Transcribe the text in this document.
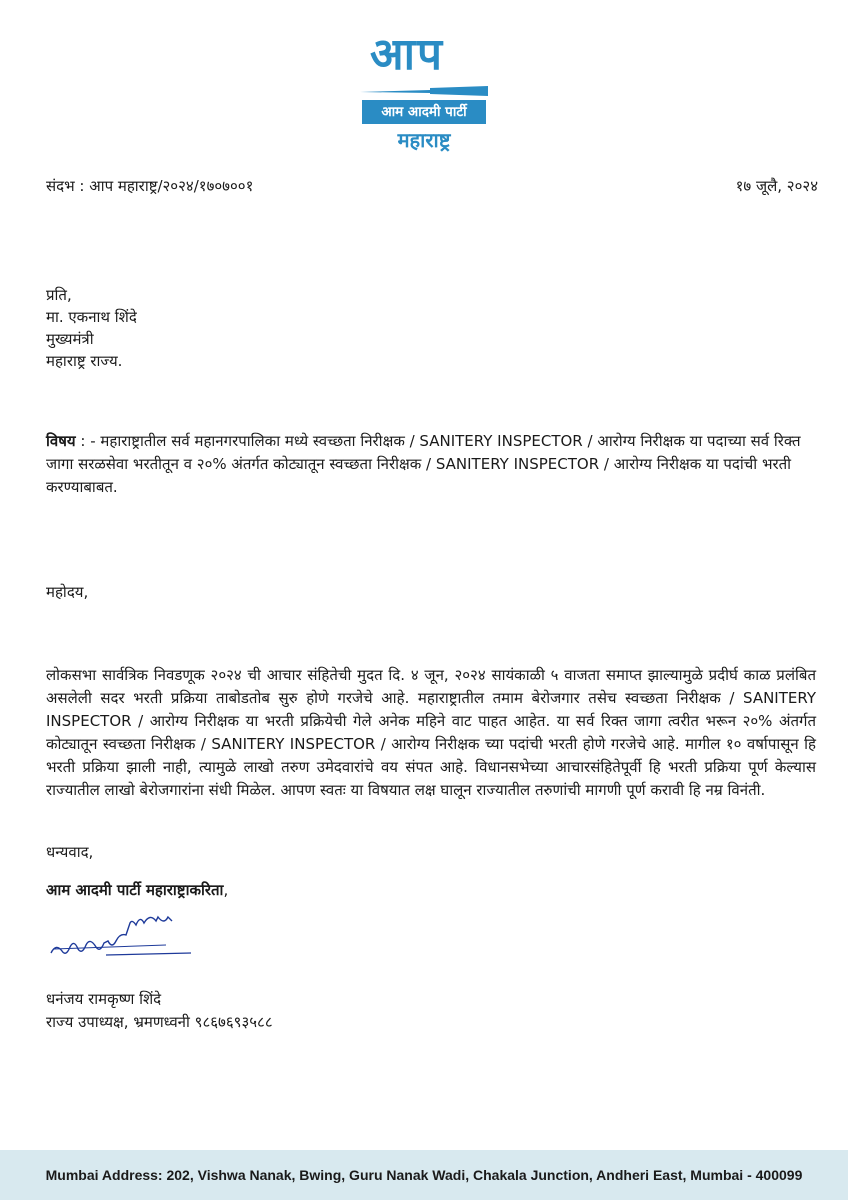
आप
आम आदमी पार्टी
महाराष्ट्र
संदभ : आप महाराष्ट्र/२०२४/१७०७००१	१७ जूलै, २०२४
प्रति,
मा. एकनाथ शिंदे
मुख्यमंत्री
महाराष्ट्र राज्य.
विषय : - महाराष्ट्रातील सर्व महानगरपालिका मध्ये स्वच्छता निरीक्षक / SANITERY INSPECTOR / आरोग्य निरीक्षक या पदाच्या सर्व रिक्त जागा सरळसेवा भरतीतून व २०% अंतर्गत कोट्यातून स्वच्छता निरीक्षक / SANITERY INSPECTOR / आरोग्य निरीक्षक या पदांची भरती करण्याबाबत.
महोदय,
लोकसभा सार्वत्रिक निवडणूक २०२४ ची आचार संहितेची मुदत दि. ४ जून, २०२४ सायंकाळी ५ वाजता समाप्त झाल्यामुळे प्रदीर्घ काळ प्रलंबित असलेली सदर भरती प्रक्रिया ताबोडतोब सुरु होणे गरजेचे आहे. महाराष्ट्रातील तमाम बेरोजगार तसेच स्वच्छता निरीक्षक / SANITERY INSPECTOR / आरोग्य निरीक्षक या भरती प्रक्रियेची गेले अनेक महिने वाट पाहत आहेत. या सर्व रिक्त जागा त्वरीत भरून २०% अंतर्गत कोट्यातून स्वच्छता निरीक्षक / SANITERY INSPECTOR / आरोग्य निरीक्षक च्या पदांची भरती होणे गरजेचे आहे. मागील १० वर्षापासून हि भरती प्रक्रिया झाली नाही, त्यामुळे लाखो तरुण उमेदवारांचे वय संपत आहे. विधानसभेच्या आचारसंहितेपूर्वी हि भरती प्रक्रिया पूर्ण केल्यास राज्यातील लाखो बेरोजगारांना संधी मिळेल. आपण स्वतः या विषयात लक्ष घालून राज्यातील तरुणांची मागणी पूर्ण करावी हि नम्र विनंती.
धन्यवाद,
आम आदमी पार्टी महाराष्ट्राकरिता,
धनंजय रामकृष्ण शिंदे
राज्य उपाध्यक्ष, भ्रमणध्वनी ९८६७६९३५८८
Mumbai Address: 202, Vishwa Nanak, Bwing, Guru Nanak Wadi, Chakala Junction, Andheri East, Mumbai - 400099
